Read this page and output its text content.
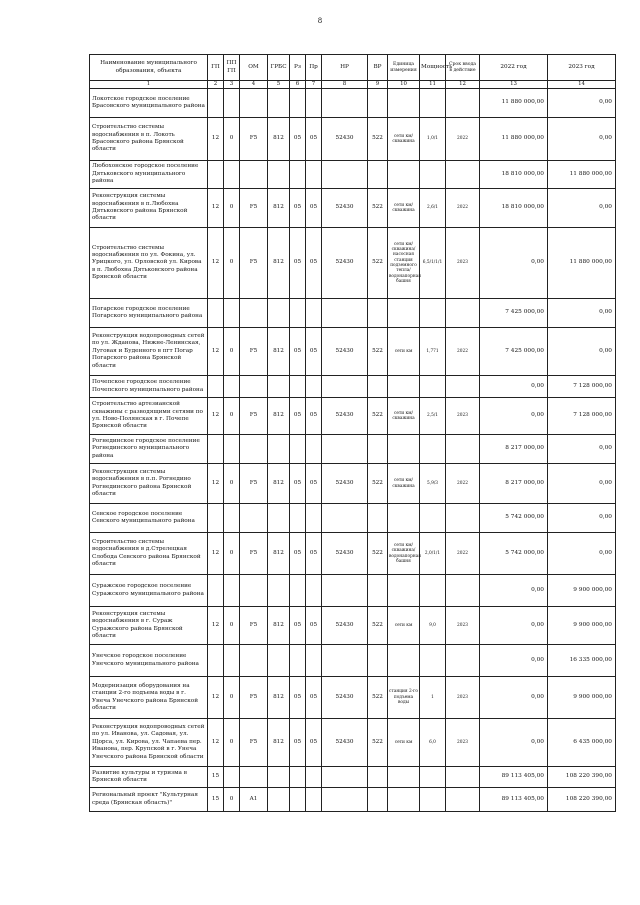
8
Наименование муниципального образования, объекта	ГП	ПП ГП	ОМ	ГРБС	Рз	Пр	НР	ВР	Единица измерения	Мощность	Срок ввода в действие	2022 год	2023 год
1	2	3	4	5	6	7	8	9	10	11	12	13	14
Локотское городское поселение Брасовского муниципального района												11 880 000,00	0,00
Строительство системы водоснабжения в п. Локоть Брасовского района Брянской области	12	0	F5	812	05	05	52430	522	сети км/скважина	1,0/1	2022	11 880 000,00	0,00
Любохонское городское поселение Дятьковского муниципального района												18 810 000,00	11 880 000,00
Реконструкция системы водоснабжения в п.Любохна Дятьковского района Брянской области	12	0	F5	812	05	05	52430	522	сети км/скважина	2,6/1	2022	18 810 000,00	0,00
Строительство системы водоснабжения по ул. Фокина, ул. Урицкого, ул. Орловской ул. Кирова в п. Любохна Дятьковского района Брянской области	12	0	F5	812	05	05	52430	522	сети км/скважина/насосная станция подземного тепла/водонапорная башня	6,5/1/1/1	2023	0,00	11 880 000,00
Погарское городское поселение Погарского муниципального района												7 425 000,00	0,00
Реконструкция водопроводных сетей по ул. Жданова, Нижне-Ленинская, Луговая и Буденного в пгт Погар Погарского района Брянской области	12	0	F5	812	05	05	52430	522	сети км	1,771	2022	7 425 000,00	0,00
Почепское городское поселение Почепского муниципального района												0,00	7 128 000,00
Строительство артезианской скважины с разводящими сетями по ул. Ново-Полянская в г. Почепе Брянской области	12	0	F5	812	05	05	52430	522	сети км/скважина	2,5/1	2023	0,00	7 128 000,00
Рогнединское городское поселение Рогнединского муниципального района												8 217 000,00	0,00
Реконструкция системы водоснабжения в п.п. Рогнедино Рогнединского района Брянской области	12	0	F5	812	05	05	52430	522	сети км/скважина	5,9/3	2022	8 217 000,00	0,00
Севское городское поселение Севского муниципального района												5 742 000,00	0,00
Строительство системы водоснабжения в д.Стрелецкая Слобода Севского района Брянской области	12	0	F5	812	05	05	52430	522	сети км/скважина/водонапорная башня	2,0/1/1	2022	5 742 000,00	0,00
Суражское городское поселение Суражского муниципального района												0,00	9 900 000,00
Реконструкция системы водоснабжения в г. Сураж Суражского района Брянской области	12	0	F5	812	05	05	52430	522	сети км	9,0	2023	0,00	9 900 000,00
Унечское городское поселение Унечского муниципального района												0,00	16 335 000,00
Модернизация оборудования на станции 2-го подъема воды в г. Унеча Унечского района Брянской области	12	0	F5	812	05	05	52430	522	станция 2-го подъема воды	1	2023	0,00	9 900 000,00
Реконструкция водопроводных сетей по ул. Иванова, ул. Садовая, ул. Щорса, ул. Кирова, ул. Чапаева пер. Иванова, пер. Крупской в г. Унеча Унечского района Брянской области	12	0	F5	812	05	05	52430	522	сети км	6,0	2023	0,00	6 435 000,00
Развитие культуры и туризма в Брянской области	15											89 113 405,00	108 220 390,00
Региональный проект "Культурная среда (Брянская область)"	15	0	A1									89 113 405,00	108 220 390,00
